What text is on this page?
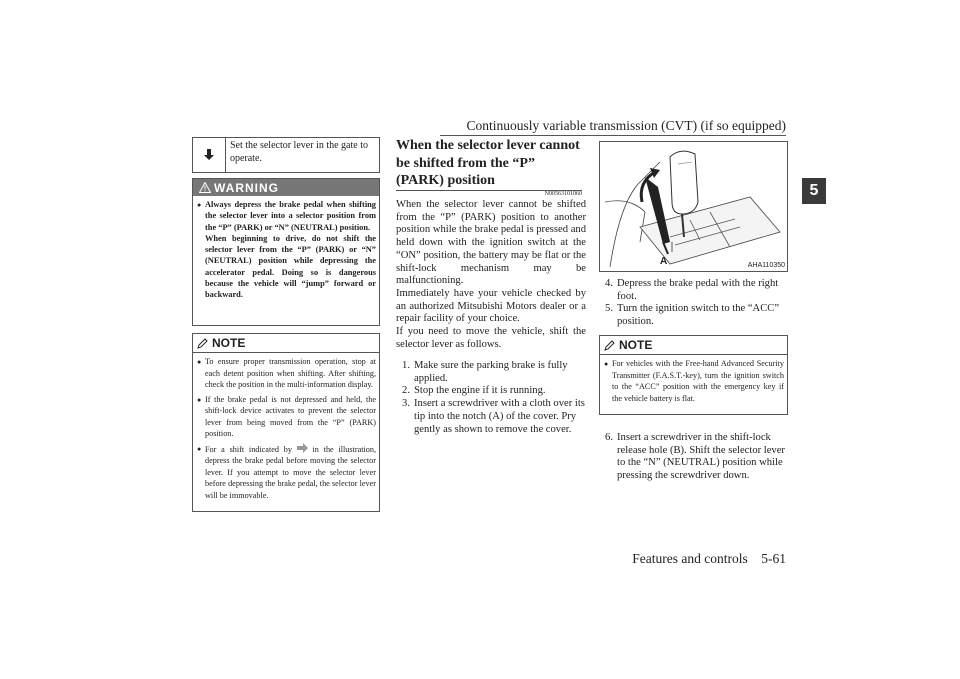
Continuously variable transmission (CVT) (if so equipped)
5
Set the selector lever in the gate to operate.
WARNING
● Always depress the brake pedal when shifting the selector lever into a selector position from the “P” (PARK) or “N” (NEUTRAL) position.
When beginning to drive, do not shift the selector lever from the “P” (PARK) or “N” (NEUTRAL) position while depressing the accelerator pedal. Doing so is dangerous because the vehicle will “jump” forward or backward.
NOTE
● To ensure proper transmission operation, stop at each detent position when shifting. After shifting, check the position in the multi-information display.
● If the brake pedal is not depressed and held, the shift-lock device activates to prevent the selector lever from being moved from the “P” (PARK) position.
● For a shift indicated by	in the illustration, depress the brake pedal before moving the selector lever. If you attempt to move the selector lever before depressing the brake pedal, the selector lever will be immovable.
When the selector lever cannot be shifted from the “P” (PARK) position
N00563101060
When the selector lever cannot be shifted from the “P” (PARK) position to another position while the brake pedal is pressed and held down with the ignition switch at the “ON” position, the battery may be flat or the shift-lock mechanism may be malfunctioning.
Immediately have your vehicle checked by an authorized Mitsubishi Motors dealer or a repair facility of your choice.
If you need to move the vehicle, shift the selector lever as follows.
1. Make sure the parking brake is fully applied.
2. Stop the engine if it is running.
3. Insert a screwdriver with a cloth over its tip into the notch (A) of the cover. Pry gently as shown to remove the cover.
A	AHA110350
4. Depress the brake pedal with the right foot.
5. Turn the ignition switch to the “ACC” position.
NOTE
● For vehicles with the Free-hand Advanced Security Transmitter (F.A.S.T.-key), turn the ignition switch to the “ACC” position with the emergency key if the vehicle battery is flat.
6. Insert a screwdriver in the shift-lock release hole (B). Shift the selector lever to the “N” (NEUTRAL) position while pressing the screwdriver down.
Features and controls    5-61
